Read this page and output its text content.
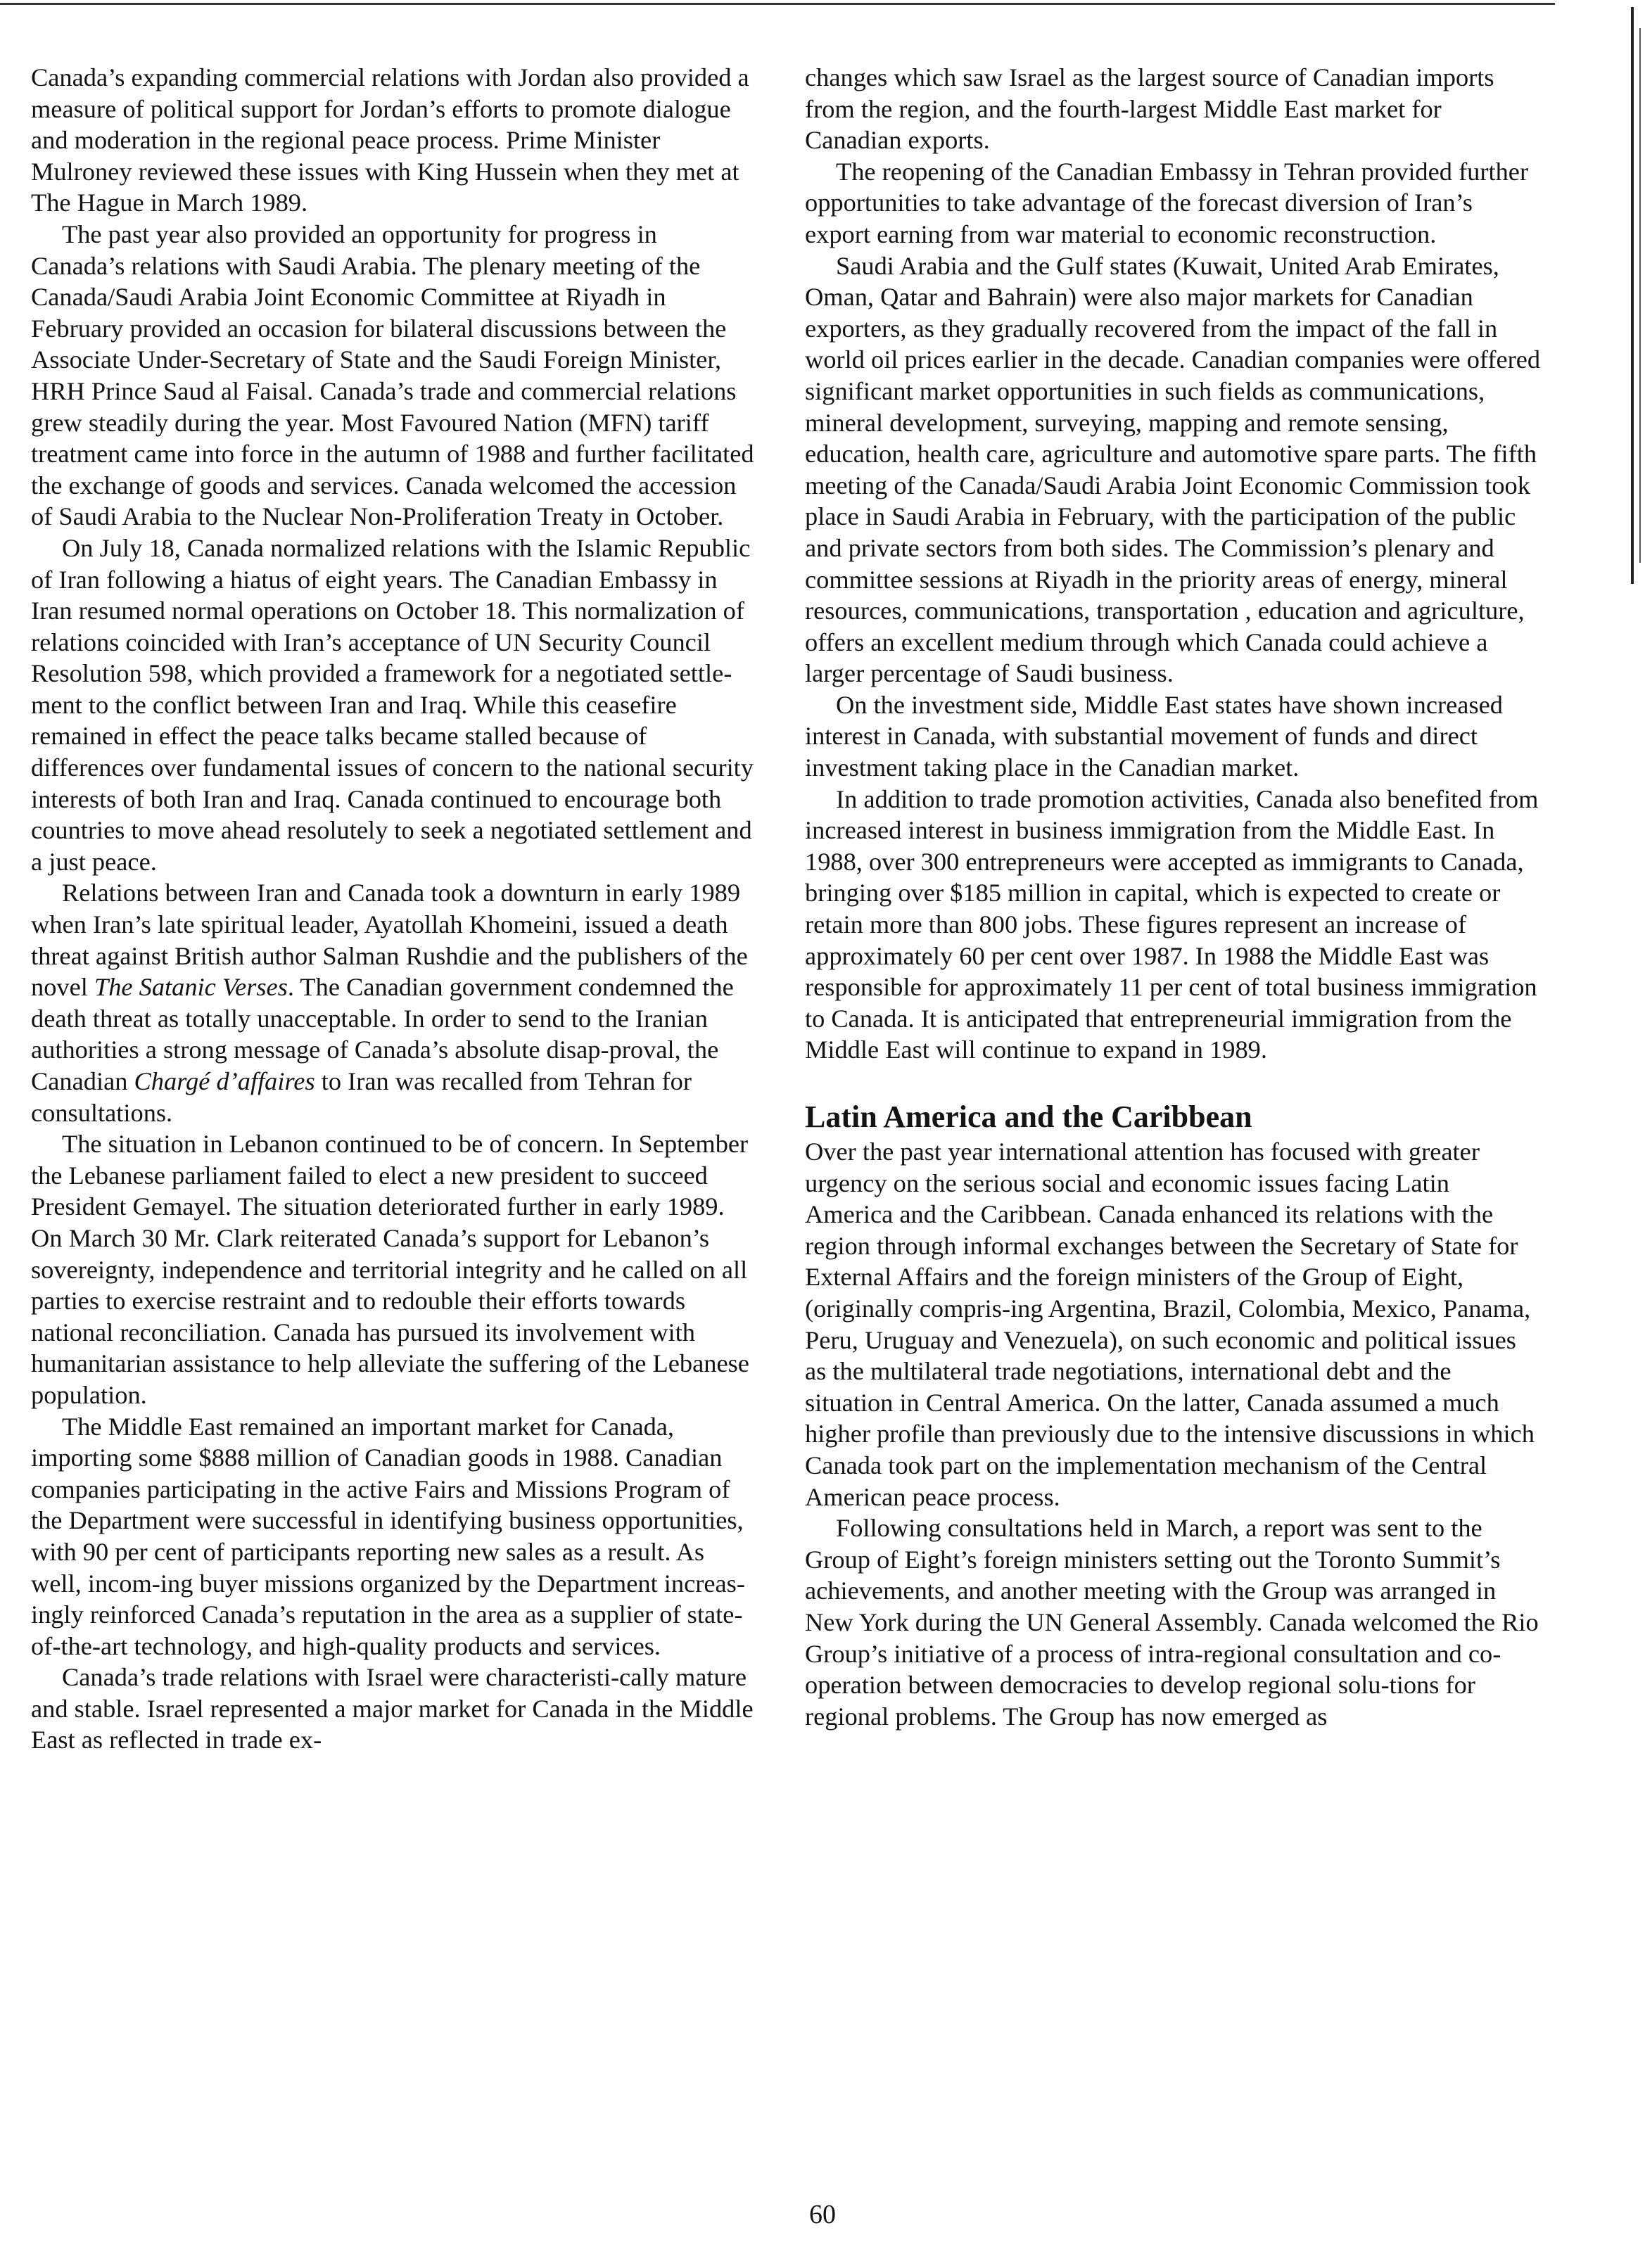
Canada’s expanding commercial relations with Jordan also provided a measure of political support for Jordan’s efforts to promote dialogue and moderation in the regional peace process. Prime Minister Mulroney reviewed these issues with King Hussein when they met at The Hague in March 1989.

The past year also provided an opportunity for progress in Canada’s relations with Saudi Arabia. The plenary meeting of the Canada/Saudi Arabia Joint Economic Committee at Riyadh in February provided an occasion for bilateral discussions between the Associate Under-Secretary of State and the Saudi Foreign Minister, HRH Prince Saud al Faisal. Canada’s trade and commercial relations grew steadily during the year. Most Favoured Nation (MFN) tariff treatment came into force in the autumn of 1988 and further facilitated the exchange of goods and services. Canada welcomed the accession of Saudi Arabia to the Nuclear Non-Proliferation Treaty in October.

On July 18, Canada normalized relations with the Islamic Republic of Iran following a hiatus of eight years. The Canadian Embassy in Iran resumed normal operations on October 18. This normalization of relations coincided with Iran’s acceptance of UN Security Council Resolution 598, which provided a framework for a negotiated settle-ment to the conflict between Iran and Iraq. While this ceasefire remained in effect the peace talks became stalled because of differences over fundamental issues of concern to the national security interests of both Iran and Iraq. Canada continued to encourage both countries to move ahead resolutely to seek a negotiated settlement and a just peace.

Relations between Iran and Canada took a downturn in early 1989 when Iran’s late spiritual leader, Ayatollah Khomeini, issued a death threat against British author Salman Rushdie and the publishers of the novel The Satanic Verses. The Canadian government condemned the death threat as totally unacceptable. In order to send to the Iranian authorities a strong message of Canada’s absolute disap-proval, the Canadian Chargé d’affaires to Iran was recalled from Tehran for consultations.

The situation in Lebanon continued to be of concern. In September the Lebanese parliament failed to elect a new president to succeed President Gemayel. The situation deteriorated further in early 1989. On March 30 Mr. Clark reiterated Canada’s support for Lebanon’s sovereignty, independence and territorial integrity and he called on all parties to exercise restraint and to redouble their efforts towards national reconciliation. Canada has pursued its involvement with humanitarian assistance to help alleviate the suffering of the Lebanese population.

The Middle East remained an important market for Canada, importing some $888 million of Canadian goods in 1988. Canadian companies participating in the active Fairs and Missions Program of the Department were successful in identifying business opportunities, with 90 per cent of participants reporting new sales as a result. As well, incom-ing buyer missions organized by the Department increas-ingly reinforced Canada’s reputation in the area as a supplier of state-of-the-art technology, and high-quality products and services.

Canada’s trade relations with Israel were characteristi-cally mature and stable. Israel represented a major market for Canada in the Middle East as reflected in trade ex-

changes which saw Israel as the largest source of Canadian imports from the region, and the fourth-largest Middle East market for Canadian exports.

The reopening of the Canadian Embassy in Tehran provided further opportunities to take advantage of the forecast diversion of Iran’s export earning from war material to economic reconstruction.

Saudi Arabia and the Gulf states (Kuwait, United Arab Emirates, Oman, Qatar and Bahrain) were also major markets for Canadian exporters, as they gradually recovered from the impact of the fall in world oil prices earlier in the decade. Canadian companies were offered significant market opportunities in such fields as communications, mineral development, surveying, mapping and remote sensing, education, health care, agriculture and automotive spare parts. The fifth meeting of the Canada/Saudi Arabia Joint Economic Commission took place in Saudi Arabia in February, with the participation of the public and private sectors from both sides. The Commission’s plenary and committee sessions at Riyadh in the priority areas of energy, mineral resources, communications, transportation , education and agriculture, offers an excellent medium through which Canada could achieve a larger percentage of Saudi business.

On the investment side, Middle East states have shown increased interest in Canada, with substantial movement of funds and direct investment taking place in the Canadian market.

In addition to trade promotion activities, Canada also benefited from increased interest in business immigration from the Middle East. In 1988, over 300 entrepreneurs were accepted as immigrants to Canada, bringing over $185 million in capital, which is expected to create or retain more than 800 jobs. These figures represent an increase of approximately 60 per cent over 1987. In 1988 the Middle East was responsible for approximately 11 per cent of total business immigration to Canada. It is anticipated that entrepreneurial immigration from the Middle East will continue to expand in 1989.

Latin America and the Caribbean

Over the past year international attention has focused with greater urgency on the serious social and economic issues facing Latin America and the Caribbean. Canada enhanced its relations with the region through informal exchanges between the Secretary of State for External Affairs and the foreign ministers of the Group of Eight, (originally compris-ing Argentina, Brazil, Colombia, Mexico, Panama, Peru, Uruguay and Venezuela), on such economic and political issues as the multilateral trade negotiations, international debt and the situation in Central America. On the latter, Canada assumed a much higher profile than previously due to the intensive discussions in which Canada took part on the implementation mechanism of the Central American peace process.

Following consultations held in March, a report was sent to the Group of Eight’s foreign ministers setting out the Toronto Summit’s achievements, and another meeting with the Group was arranged in New York during the UN General Assembly. Canada welcomed the Rio Group’s initiative of a process of intra-regional consultation and co-operation between democracies to develop regional solu-tions for regional problems. The Group has now emerged as

60
